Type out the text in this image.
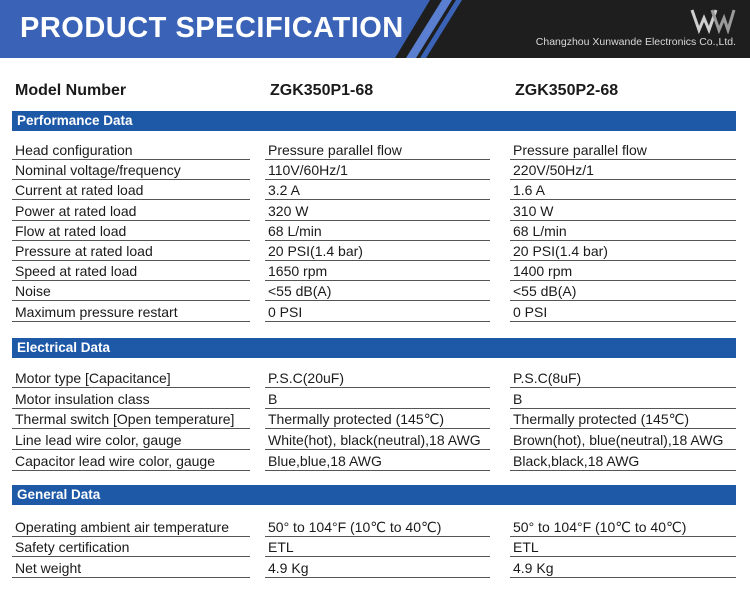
PRODUCT SPECIFICATION	Changzhou Xunwande Electronics Co.,Ltd.
Model Number	ZGK350P1-68	ZGK350P2-68
Performance Data
Head configuration	Pressure parallel flow	Pressure parallel flow
Nominal voltage/frequency	110V/60Hz/1	220V/50Hz/1
Current at rated load	3.2 A	1.6 A
Power at rated load	320 W	310 W
Flow at rated load	68 L/min	68 L/min
Pressure at rated load	20 PSI(1.4 bar)	20 PSI(1.4 bar)
Speed at rated load	1650 rpm	1400 rpm
Noise	<55 dB(A)	<55 dB(A)
Maximum pressure restart	0 PSI	0 PSI
Electrical Data
Motor type [Capacitance]	P.S.C(20uF)	P.S.C(8uF)
Motor insulation class	B	B
Thermal switch [Open temperature]	Thermally protected (145℃)	Thermally protected (145℃)
Line lead wire color, gauge	White(hot), black(neutral),18 AWG	Brown(hot), blue(neutral),18 AWG
Capacitor lead wire color, gauge	Blue,blue,18 AWG	Black,black,18 AWG
General Data
Operating ambient air temperature	50° to 104°F (10℃ to 40℃)	50° to 104°F (10℃ to 40℃)
Safety certification	ETL	ETL
Net weight	4.9 Kg	4.9 Kg
